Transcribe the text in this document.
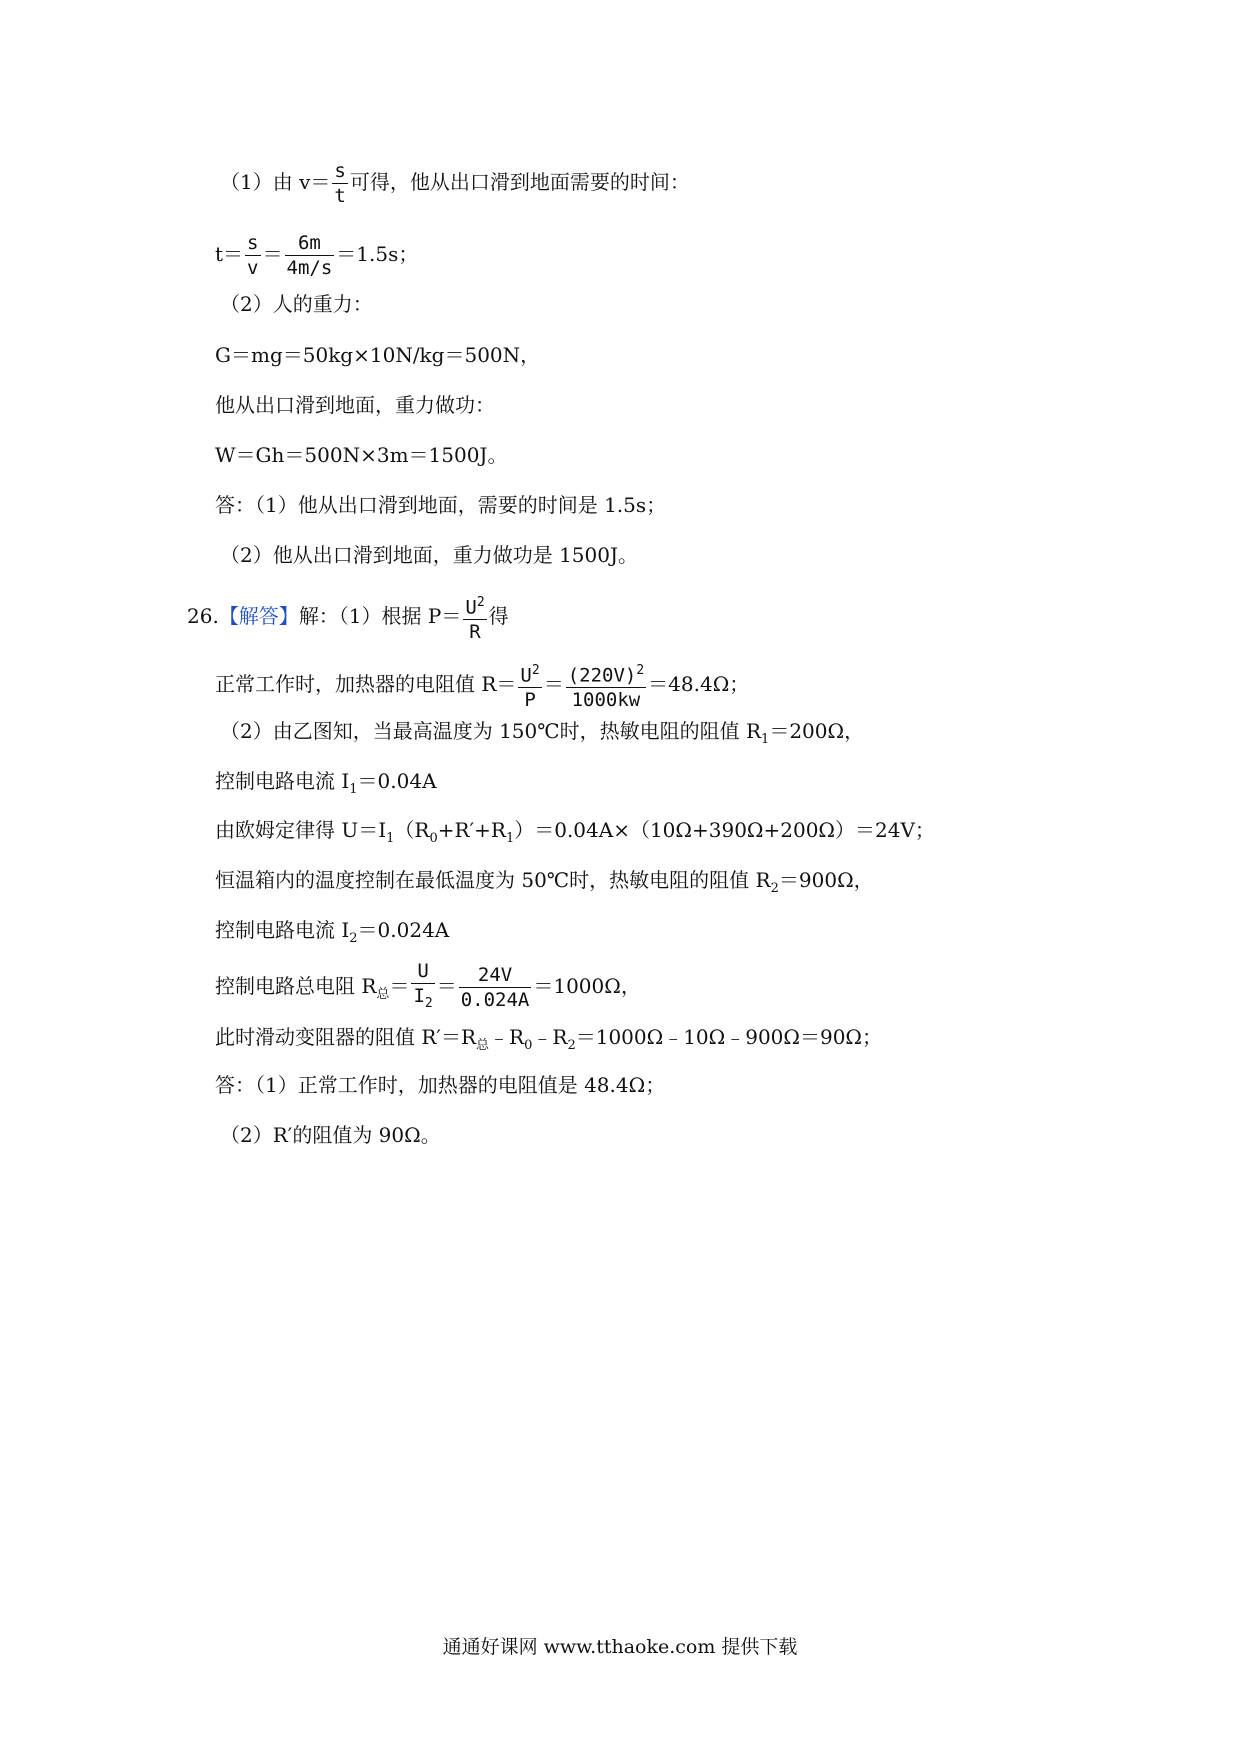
（1）由 $v= \frac{s}{t}$ 可得，他从出口滑到地面需要的时间：
$t= \frac{s}{v} = \frac{6m}{4m/s} =1.5s$；
（2）人的重力：
G＝mg＝50kg×10N/kg＝500N，
他从出口滑到地面，重力做功：
W＝Gh＝500N×3m＝1500J。
答：（1）他从出口滑到地面，需要的时间是 1.5s；
（2）他从出口滑到地面，重力做功是 1500J。
26.【解答】解：（1）根据 $P= \frac{U^2}{R}$ 得
正常工作时，加热器的电阻值 $R= \frac{U^2}{P} = \frac{(220V)^2}{1000kw} =48.4\Omega$；
（2）由乙图知，当最高温度为 150℃时，热敏电阻的阻值 $R_1=200\Omega$，
控制电路电流 $I_1=0.04A$
由欧姆定律得 $U=I_1(R_0+R'+R_1)=0.04A\times(10\Omega+390\Omega+200\Omega)=24V$；
恒温箱内的温度控制在最低温度为 50℃时，热敏电阻的阻值 $R_2=900\Omega$，
控制电路电流 $I_2=0.024A$
控制电路总电阻 $R_总= \frac{U}{I_2} = \frac{24V}{0.024A} =1000\Omega$，
此时滑动变阻器的阻值 $R'=R_总﹣R_0﹣R_2=1000\Omega﹣10\Omega﹣900\Omega=90\Omega$；
答：（1）正常工作时，加热器的电阻值是 48.4Ω；
（2）R′的阻值为 90Ω。
通通好课网 www.tthaoke.com 提供下载
